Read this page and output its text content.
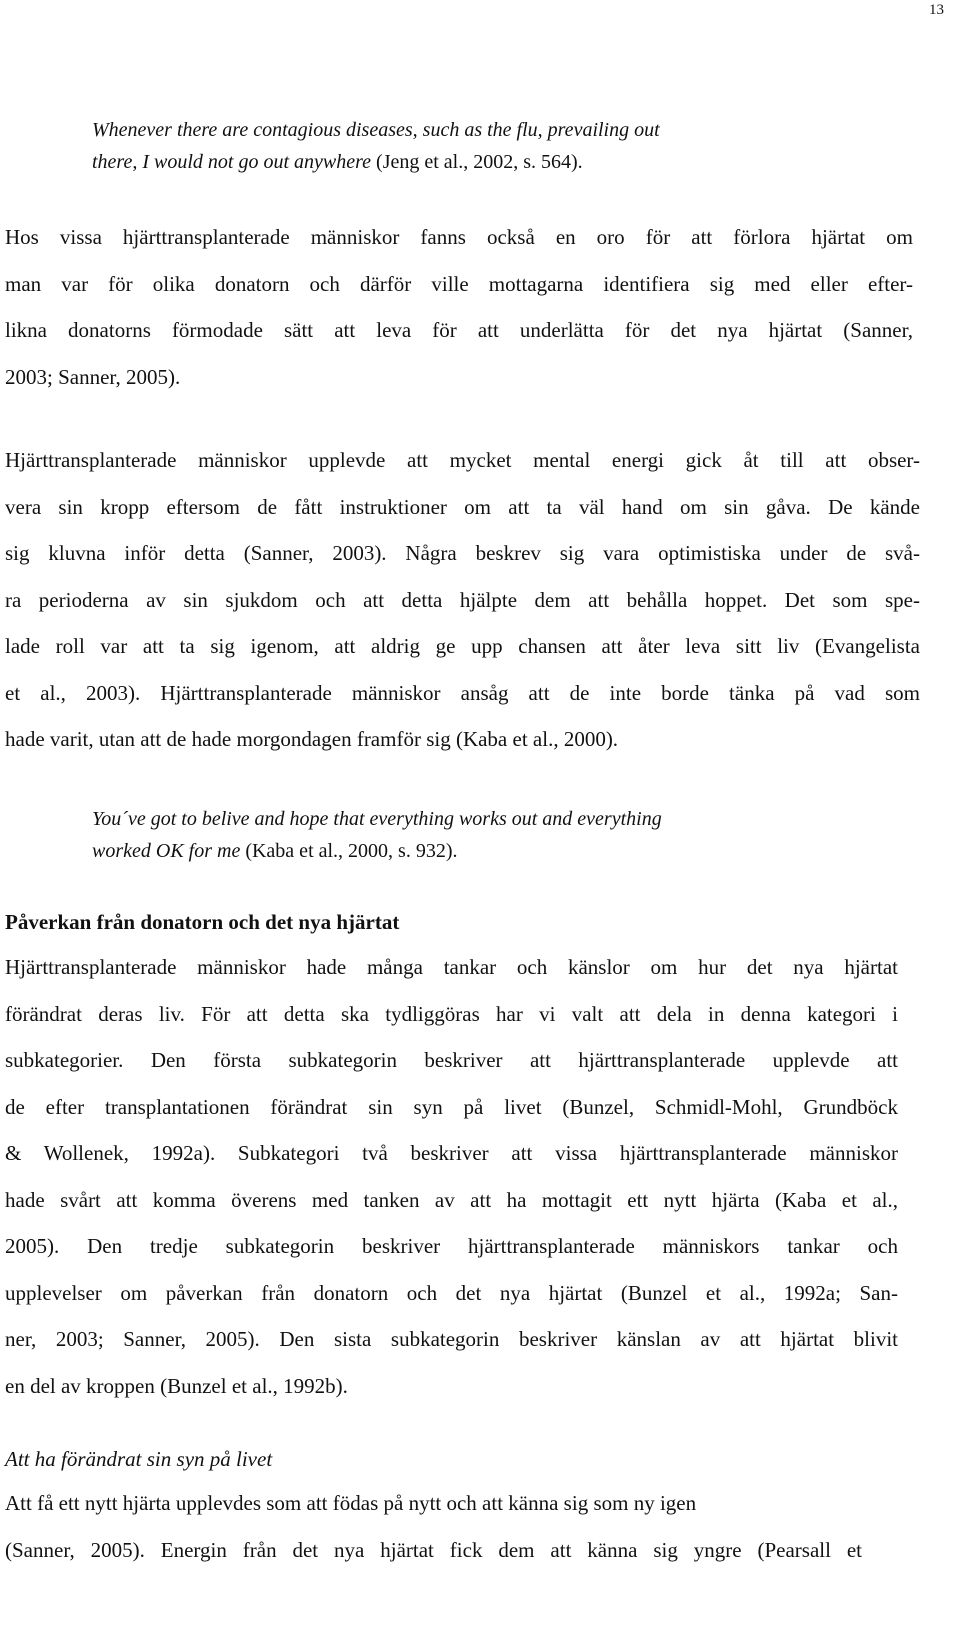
13
Whenever there are contagious diseases, such as the flu, prevailing out
there, I would not go out anywhere (Jeng et al., 2002, s. 564).
Hos vissa hjärttransplanterade människor fanns också en oro för att förlora hjärtat om
man var för olika donatorn och därför ville mottagarna identifiera sig med eller efter-
likna donatorns förmodade sätt att leva för att underlätta för det nya hjärtat (Sanner,
2003; Sanner, 2005).
Hjärttransplanterade människor upplevde att mycket mental energi gick åt till att obser-
vera sin kropp eftersom de fått instruktioner om att ta väl hand om sin gåva. De kände
sig kluvna inför detta (Sanner, 2003). Några beskrev sig vara optimistiska under de svå-
ra perioderna av sin sjukdom och att detta hjälpte dem att behålla hoppet. Det som spe-
lade roll var att ta sig igenom, att aldrig ge upp chansen att åter leva sitt liv (Evangelista
et al., 2003). Hjärttransplanterade människor ansåg att de inte borde tänka på vad som
hade varit, utan att de hade morgondagen framför sig (Kaba et al., 2000).
You´ve got to belive and hope that everything works out and everything
worked OK for me (Kaba et al., 2000, s. 932).
Påverkan från donatorn och det nya hjärtat
Hjärttransplanterade människor hade många tankar och känslor om hur det nya hjärtat
förändrat deras liv. För att detta ska tydliggöras har vi valt att dela in denna kategori i
subkategorier. Den första subkategorin beskriver att hjärttransplanterade upplevde att
de efter transplantationen förändrat sin syn på livet (Bunzel, Schmidl-Mohl, Grundböck
& Wollenek, 1992a). Subkategori två beskriver att vissa hjärttransplanterade människor
hade svårt att komma överens med tanken av att ha mottagit ett nytt hjärta (Kaba et al.,
2005). Den tredje subkategorin beskriver hjärttransplanterade människors tankar och
upplevelser om påverkan från donatorn och det nya hjärtat (Bunzel et al., 1992a; San-
ner, 2003; Sanner, 2005). Den sista subkategorin beskriver känslan av att hjärtat blivit
en del av kroppen (Bunzel et al., 1992b).
Att ha förändrat sin syn på livet
Att få ett nytt hjärta upplevdes som att födas på nytt och att känna sig som ny igen
(Sanner, 2005). Energin från det nya hjärtat fick dem att känna sig yngre (Pearsall et
